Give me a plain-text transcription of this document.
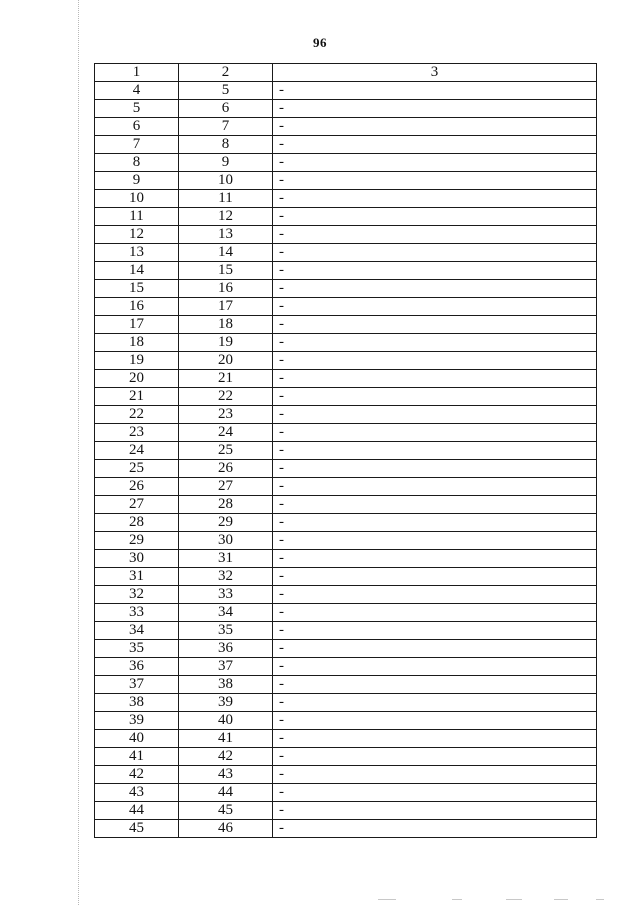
96
1	2	3
4	5	-
5	6	-
6	7	-
7	8	-
8	9	-
9	10	-
10	11	-
11	12	-
12	13	-
13	14	-
14	15	-
15	16	-
16	17	-
17	18	-
18	19	-
19	20	-
20	21	-
21	22	-
22	23	-
23	24	-
24	25	-
25	26	-
26	27	-
27	28	-
28	29	-
29	30	-
30	31	-
31	32	-
32	33	-
33	34	-
34	35	-
35	36	-
36	37	-
37	38	-
38	39	-
39	40	-
40	41	-
41	42	-
42	43	-
43	44	-
44	45	-
45	46	-
